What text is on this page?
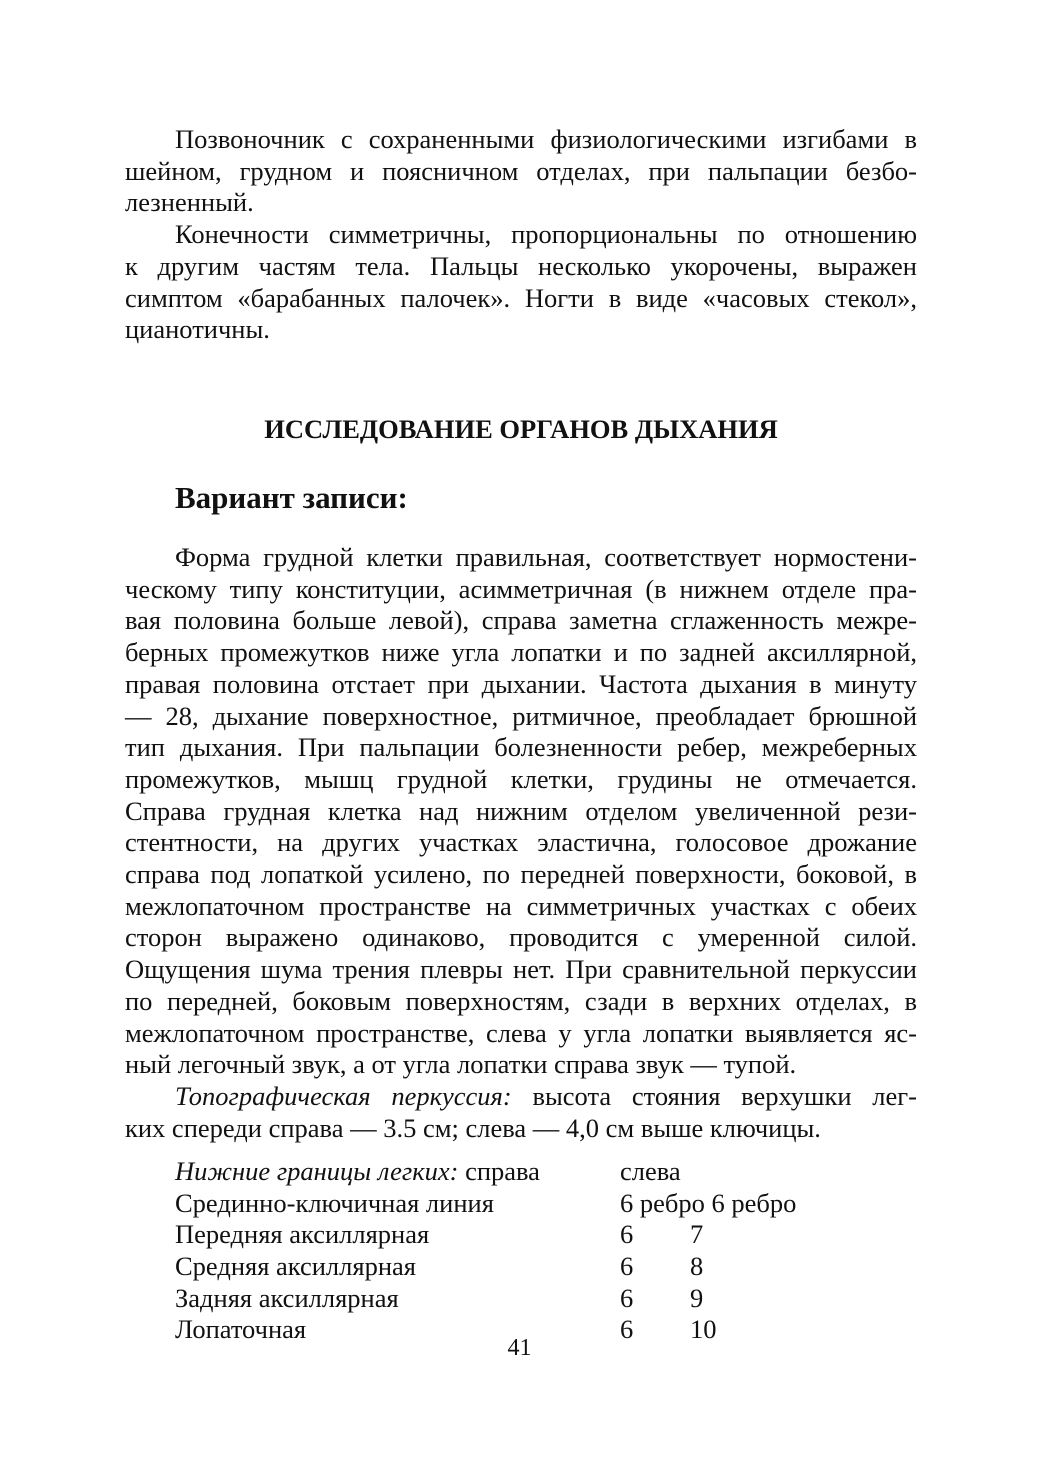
Позвоночник с сохраненными физиологическими изгибами в
шейном, грудном и поясничном отделах, при пальпации безбо-
лезненный.
Конечности симметричны, пропорциональны по отношению
к другим частям тела. Пальцы несколько укорочены, выражен
симптом «барабанных палочек». Ногти в виде «часовых стекол»,
цианотичны.
ИССЛЕДОВАНИЕ ОРГАНОВ ДЫХАНИЯ
Вариант записи:
Форма грудной клетки правильная, соответствует нормостени-
ческому типу конституции, асимметричная (в нижнем отделе пра-
вая половина больше левой), справа заметна сглаженность межре-
берных промежутков ниже угла лопатки и по задней аксиллярной,
правая половина отстает при дыхании. Частота дыхания в минуту
— 28, дыхание поверхностное, ритмичное, преобладает брюшной
тип дыхания. При пальпации болезненности ребер, межреберных
промежутков, мышц грудной клетки, грудины не отмечается.
Справа грудная клетка над нижним отделом увеличенной рези-
стентности, на других участках эластична, голосовое дрожание
справа под лопаткой усилено, по передней поверхности, боковой, в
межлопаточном пространстве на симметричных участках с обеих
сторон выражено одинаково, проводится с умеренной силой.
Ощущения шума трения плевры нет. При сравнительной перкуссии
по передней, боковым поверхностям, сзади в верхних отделах, в
межлопаточном пространстве, слева у угла лопатки выявляется яс-
ный легочный звук, а от угла лопатки справа звук — тупой.
Топографическая перкуссия: высота стояния верхушки лег-
ких спереди справа — 3.5 см; слева — 4,0 см выше ключицы.
Нижние границы легких: справа	слева
Срединно-ключичная линия	6 ребро 6 ребро
Передняя аксиллярная	6	7
Средняя аксиллярная	6	8
Задняя аксиллярная	6	9
Лопаточная	6	10
41
